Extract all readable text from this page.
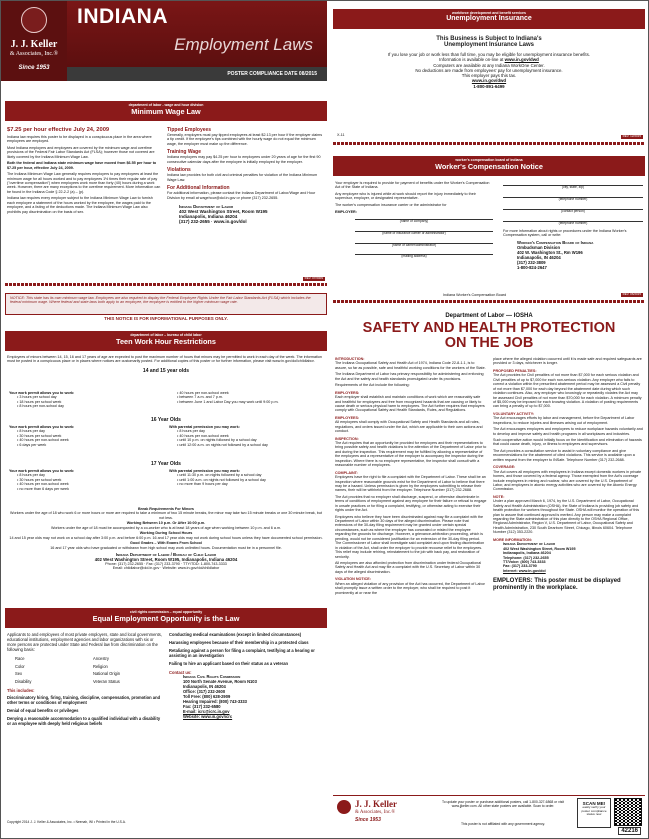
J. J. Keller
& Associates, Inc.®
Since 1953
INDIANA
Employment Laws
POSTER COMPLIANCE DATE 08/2015
workforce development and benefit services
Unemployment Insurance
This Business is Subject to Indiana's
Unemployment Insurance Laws
If you lose your job or work less than full time, you may be eligible for unemployment insurance benefits.
Information is available on-line at www.in.gov/dwd
Computers are available at any Indiana WorkOne Center.
No deductions are made from employees' pay for unemployment insurance.
This employer pays this tax.
www.in.gov/dwd
1-800-891-6499
X-11	REV. 12/2015
department of labor - wage and hour division
Minimum Wage Law
$7.25 per hour effective July 24, 2009

Indiana law requires this poster to be displayed in a conspicuous place in the area where employees are employed.

Most Indiana employers and employees are covered by the minimum wage and overtime provisions of the Federal Fair Labor Standards Act (FLSA); however those not covered are likely covered by the Indiana Minimum Wage Law.

Both the federal and Indiana state minimum wage have moved from $6.55 per hour to $7.25 per hour, effective July 24, 2009.

The Indiana Minimum Wage Law generally requires employers to pay employees at least the minimum wage for all hours worked and to pay employees 1½ times their regular rate of pay ("overtime compensation") when employees work more than forty (40) hours during a work week. However, there are many exceptions to the overtime requirement. More information can be found in the Indiana Code § 22-2-2 (a) – (p).

Indiana law requires every employer subject to the Indiana Minimum Wage Law to furnish each employee a statement of the hours worked by the employee, the wages paid to the employee, and a listing of the deductions made. The Indiana Minimum Wage Law also prohibits pay discrimination on the basis of sex.

Tipped Employees

Generally, employers must pay tipped employees at least $2.13 per hour if the employer claims a tip credit. If the employee's tips combined with the hourly wage do not equal the minimum wage, the employer must make up the difference.

Training Wage

Indiana employers may pay $4.25 per hour to employees under 20 years of age for the first 90 consecutive calendar days after the employee is initially employed by the employer.

Violations

Indiana law provides for both civil and criminal penalties for violation of the Indiana Minimum Wage Law.

For Additional Information

For additional information, please contact the Indiana Department of Labor/Wage and Hour Division by email at wagehour@dol.in.gov or phone (317) 232-2655.

Indiana Department of Labor
402 West Washington Street, Room W195
Indianapolis, Indiana 46204
(317) 232-2655 · www.in.gov/dol
REV. 07/2009

NOTICE: This state has its own minimum wage law. Employees are also required to display the Federal Employee Rights Under the Fair Labor Standards Act (FLSA) which includes the federal minimum wage. Where federal and state laws both apply to an employee, the employee is entitled to the higher minimum wage rate.

THIS NOTICE IS FOR INFORMATIONAL PURPOSES ONLY.
worker's compensation board of indiana
Worker's Compensation Notice

Your employer is required to provide for payment of benefits under the Worker's Compensation Act of the State of Indiana.

Any employee who is injured while at work should report the injury immediately to their supervisor, employer, or designated representative.

The worker's compensation insurance carrier or the administrator for

EMPLOYER:
(name of company)
(name of insurance carrier or administrator)
(name of carrier/administrator)
(mailing address)
(city, state, zip)
(telephone number)
(contact person)
(telephone number)

For more information about rights or procedures under the Indiana Worker's Compensation system, call or write:

Worker's Compensation Board of Indiana
Ombudsman Division
402 W. Washington St., Rm W196
Indianapolis, IN 46204
(317) 232-3809
1-800-824-2647
Indiana Worker's Compensation Board	REV. 06/2015
department of labor – bureau of child labor
Teen Work Hour Restrictions

Employees of minors between 14, 15, 16 and 17 years of age are expected to post the maximum number of hours that minors may be permitted to work in each day of the week. The information must be posted in a conspicuous place or in places where notices are customarily posted. For additional copies of this poster or for further information, please visit www.in.gov/dol/childlabor.

14 and 15 year olds
Your work permit allows you to work:
• 3 hours per school day
• 18 hours per school week
• 8 hours per non-school day
• 40 hours per non-school week
• between 7 a.m. and 7 p.m.
• between June 1 and Labor Day you may work until 9:00 p.m.
16 Year Olds
Your work permit allows you to work:
• 8 hours per day
• 30 hours per school week
• 40 hours per non-school week
• 6 days per week
With parental permission you may work:
• 8 hours per day
• 40 hours per non-school week
• until 10 p.m. on nights followed by a school day
• until 12:00 a.m. on nights not followed by a school day
17 Year Olds
Your work permit allows you to work:
• 8 hours per day
• 30 hours per school week
• 40 hours per non-school week
• no more than 6 days per week
With parental permission you may work:
• until 11:30 p.m. on nights followed by a school day
• until 1:00 a.m. on nights not followed by a school day
• no more than 9 hours per day
Break Requirements For Minors

Workers under the age of 18 who work 6 or more hours or more are required to take a minimum of two 15 minute breaks, the minor may take two 15 minute breaks or one 30 minute break, but not less.

Working Between 10 p.m. Or After 10:00 p.m.

Workers under the age of 18 must be accompanied by a co-worker who is at least 18 years of age when working between 10 p.m. and 6 a.m.

Working During School Hours

14 and 15 year olds may not work on a school day after 3:00 p.m. and before 6:00 p.m. 16 and 17 year olds may not work during school hours unless they have documented school permission.

Good Grades – With Exams From School

16 and 17 year olds who have graduated or withdrawn from high school may work unlimited hours. Documentation must be in a personnel file.

Indiana Department of Labor / Bureau of Child Labor
402 West Washington Street, Room W195, Indianapolis, Indiana 46204
Phone: (317) 232-2655 · Fax: (317) 233-3790 · TTY/TDD: 1-800-743-3333
Email: childlabor@dol.in.gov · Website: www.in.gov/dol/childlabor
civil rights commission – equal opportunity
Equal Employment Opportunity is the Law

Applicants to and employees of most private employers, state and local governments, educational institutions, employment agencies and labor organizations with six or more persons are protected under State and Federal law from discrimination on the following basis:

Race
Color
Sex
Disability
Ancestry
Religion
National Origin
Veteran Status
This includes:

Discriminatory hiring, firing, training, discipline, compensation, promotion and other terms or conditions of employment

Denial of equal benefits or privileges

Denying a reasonable accommodation to a qualified individual with a disability or an employee with deeply held religious beliefs

Conducting medical examinations (except in limited circumstances)

Harassing employees because of their membership in a protected class

Retaliating against a person for filing a complaint, testifying at a hearing or assisting in an investigation

Failing to hire an applicant based on their status as a veteran

Contact us:
Indiana Civil Rights Commission
100 North Senate Avenue, Room N103
Indianapolis, IN 46204
Office: (317) 232-2600
Toll Free: (800) 628-2909
Hearing Impaired: (800) 743-3333
Fax: (317) 232-6580
E-mail: icrc@icrc.in.gov
Website: www.in.gov/icrc
Copyright 2014 J. J. Keller & Associates, Inc. • Neenah, WI • Printed in the U.S.A.
Department of Labor — IOSHA
SAFETY AND HEALTH PROTECTION
ON THE JOB
INTRODUCTION:

The Indiana Occupational Safety and Health Act of 1974, Indiana Code 22-8-1.1, is to assure, so far as possible, safe and healthful working conditions for the workers of the State.

The Indiana Department of Labor has primary responsibility for administering and enforcing the Act and the safety and health standards promulgated under its provisions.

Requirements of the Act include the following:

EMPLOYERS:

Each employer shall establish and maintain conditions of work which are reasonably safe and healthful for employees and free from recognized hazards that are causing or likely to cause death or serious physical harm to employees. The Act further requires that employers comply with Occupational Safety and Health Standards, Rules, and Regulations.

EMPLOYEES:

All employees shall comply with Occupational Safety and Health Standards and all rules, regulations, and orders issued under the Act, which are applicable to their own actions and conduct.

INSPECTION:

The Act requires that an opportunity be provided for employers and their representatives to bring possible safety and health violations to the attention of the Department of Labor prior to and during the inspection. This requirement may be fulfilled by allowing a representative of the employees and a representative of the employer to accompany the inspector during the inspection. Where there is no employee representative, the inspector shall consult with a reasonable number of employees.

COMPLAINT:

Employees have the right to file a complaint with the Department of Labor. These shall be an inspection where reasonable grounds exist for the Department of Labor to believe that there may be a hazard. Unless permission is given by the employees submitting to release their names, their will be withheld from the employer. Telephone Number (317) 232-2688.

The Act provides that no employer shall discharge, suspend, or otherwise discriminate in terms of conditions of employment against any employee for their failure or refusal to engage in unsafe practices or for filing a complaint, testifying, or otherwise acting to exercise their rights under the Act.

Employees who believe they have been discriminated against may file a complaint with the Department of Labor within 30 days of the alleged discrimination. Please note that extensions of the 30-day filing requirement may be granted under certain special circumstances, such as where the employer has concealed or misled the employee regarding the grounds for discharge. However, a grievance-arbitration proceeding, which is pending, would not be considered justification for an extension of the 30-day filing period. The Commissioner of Labor shall investigate said complaint and upon finding discrimination in violation of the Act, shall order the employer to provide recourse relief to the employees. This relief may include rehiring, reinstatement to the job with back pay, and restoration of seniority.

All employees are also afforded protection from discrimination under federal Occupational Safety and Health Act and may file a complaint with the U.S. Secretary of Labor within 30 days of the alleged discrimination.

VIOLATION NOTICE:

When an alleged violation of any provision of the Act has occurred, the Department of Labor shall promptly issue a written order to the employer, who shall be required to post it prominently at or near the

place where the alleged violation occurred until it is made safe and required safeguards are provided or 3 days, whichever is longer.

PROPOSED PENALTIES:

The Act provides for Civil penalties of not more than $7,000 for each serious violation and Civil penalties of up to $7,000 for each non-serious violation. Any employer who fails to correct a violation within the prescribed abatement period may be assessed a Civil penalty of not more than $7,000 for each day beyond the abatement date during which such violation continues. Also, any employer who knowingly or repeatedly violates the Act may be assessed Civil penalties of not more than $70,000 for each violation. A minimum penalty of $5,000 may be imposed for each knowing violation. A violation of posting requirements can bring a penalty of up to $7,000.

VOLUNTARY ACTIVITY:

The Act encourages efforts by labor and management, before the Department of Labor inspections, to reduce injuries and illnesses arising out of employment.

The Act encourages employers and employees to reduce workplace hazards voluntarily and to develop and improve safety and health programs in all workplaces and industries.

Such cooperative action would initially focus on the identification and elimination of hazards that could cause death, injury, or illness to employees and supervisors.

The Act provides a consultation service to assist in voluntary compliance and give recommendations for the abatement of cited violations. This service is available upon a written request from the employer to INSafe. Telephone Number (317) 232-2688.

COVERAGE:

The Act covers all employers with employees in Indiana except domestic workers in private homes, and those covered by a federal agency. Those exempted from the Act's coverage include employees in mining and nuclear, who are covered by the U.S. Department of Labor, and employees in atomic energy activities who are covered by the Atomic Energy Commission.

NOTE:

Under a plan approved March 6, 1974, by the U.S. Department of Labor, Occupational Safety and Health Administration (OSHA), the State of Indiana is providing job safety and health protection for workers throughout the State. OSHA will monitor the operation of this plan to assure that continued approval is merited. Any person may make a complaint regarding the State administration of this plan directly to the OSHA Regional Office, Regional Administrator, Region V, U.S. Department of Labor, Occupational Safety and Health Administration, 230 South Dearborn Street, Chicago, Illinois 60604. Telephone Number (312) 353-2220.

MORE INFORMATION:
Indiana Department of Labor
402 West Washington Street, Room W195
Indianapolis, Indiana 46204
Telephone: (317) 232-2655
TT/Voice: (800) 743-3333
Fax: (317) 233-3790
Internet: www.in.gov/dol
EMPLOYERS: This poster must be displayed prominently in the workplace.
J. J. Keller
& Associates, Inc.®
Since 1953
To update your poster or purchase additional posters, call 1-800-327-6868 or visit www.jjkeller.com. All other state posters are available. Scan to order.
This poster is not affiliated with any government agency.
SCAN ME!
easily verify your poster compliance status now
42216
